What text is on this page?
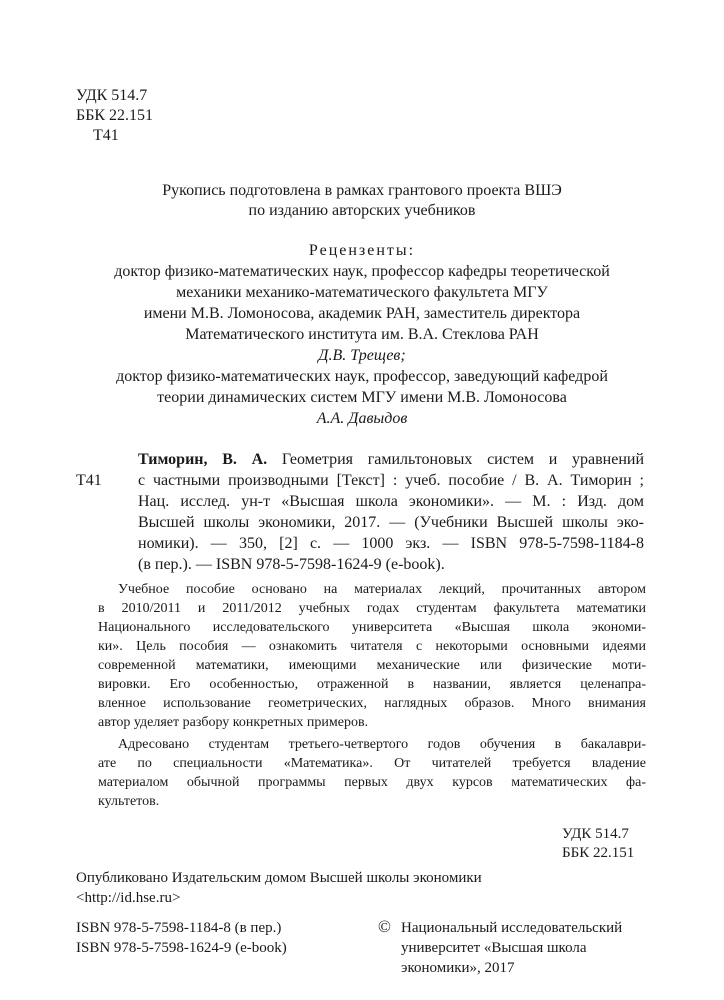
УДК 514.7
ББК 22.151
Т41
Рукопись подготовлена в рамках грантового проекта ВШЭ
по изданию авторских учебников
Рецензенты:
доктор физико-математических наук, профессор кафедры теоретической
механики механико-математического факультета МГУ
имени М.В. Ломоносова, академик РАН, заместитель директора
Математического института им. В.А. Стеклова РАН
Д.В. Трещев;
доктор физико-математических наук, профессор, заведующий кафедрой
теории динамических систем МГУ имени М.В. Ломоносова
А.А. Давыдов
Т41
Тиморин, В. А. Геометрия гамильтоновых систем и уравнений
с частными производными [Текст] : учеб. пособие / В. А. Тиморин ;
Нац. исслед. ун-т «Высшая школа экономики». — М. : Изд. дом
Высшей школы экономики, 2017. — (Учебники Высшей школы эко-
номики). — 350, [2] с. — 1000 экз. — ISBN 978-5-7598-1184-8
(в пер.). — ISBN 978-5-7598-1624-9 (e-book).
Учебное пособие основано на материалах лекций, прочитанных автором
в 2010/2011 и 2011/2012 учебных годах студентам факультета математики
Национального исследовательского университета «Высшая школа экономи-
ки». Цель пособия — ознакомить читателя с некоторыми основными идеями
современной математики, имеющими механические или физические моти-
вировки. Его особенностью, отраженной в названии, является целенапра-
вленное использование геометрических, наглядных образов. Много внимания
автор уделяет разбору конкретных примеров.
Адресовано студентам третьего-четвертого годов обучения в бакалаври-
ате по специальности «Математика». От читателей требуется владение
материалом обычной программы первых двух курсов математических фа-
культетов.
УДК 514.7
ББК 22.151
Опубликовано Издательским домом Высшей школы экономики
<http://id.hse.ru>
ISBN 978-5-7598-1184-8 (в пер.)
ISBN 978-5-7598-1624-9 (e-book)
© Национальный исследовательский
университет «Высшая школа
экономики», 2017
